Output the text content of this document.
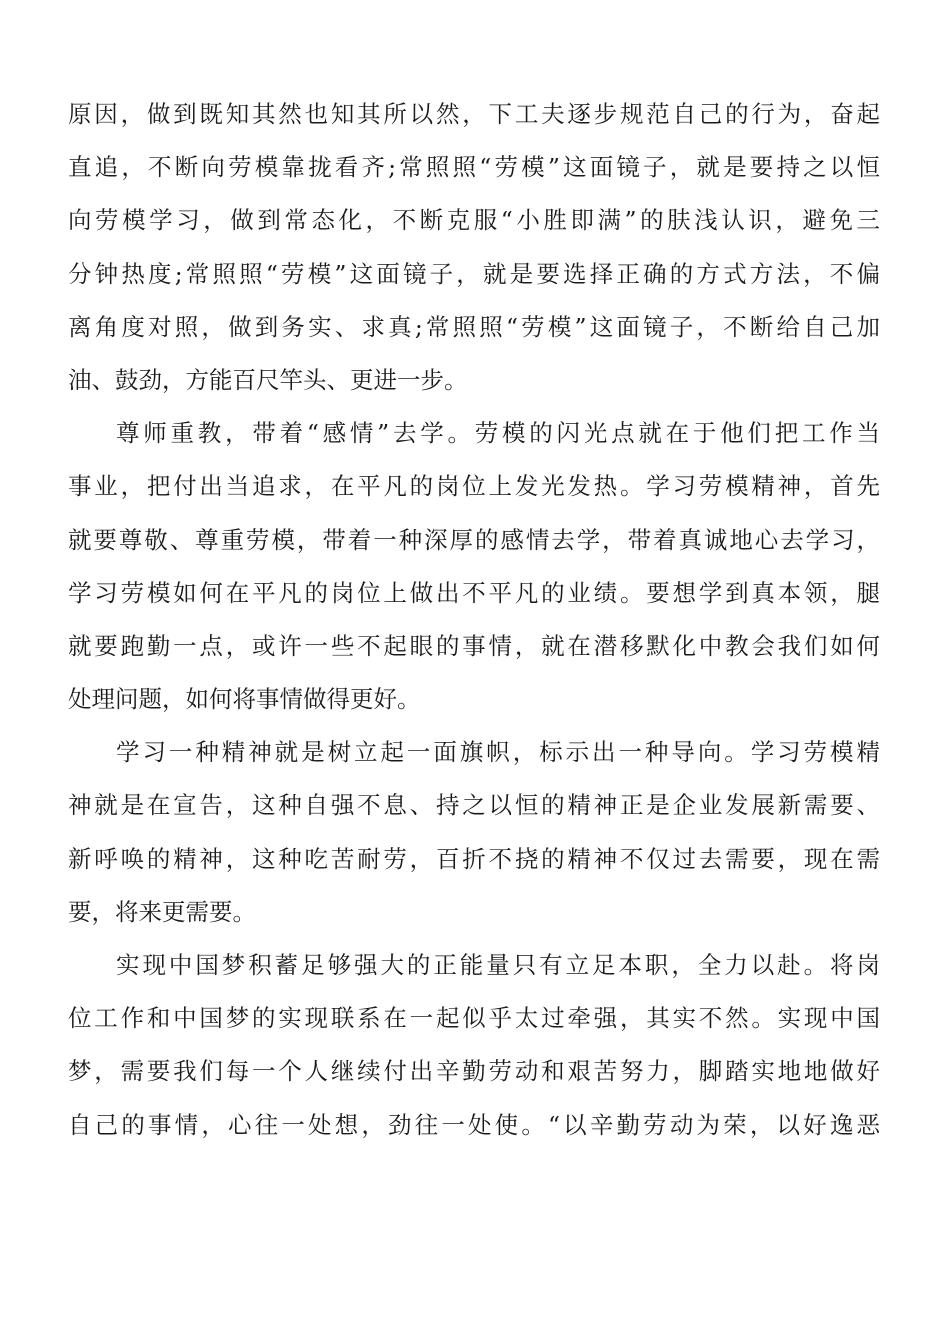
原因，做到既知其然也知其所以然，下工夫逐步规范自己的行为，奋起
直追，不断向劳模靠拢看齐;常照照“劳模”这面镜子，就是要持之以恒
向劳模学习，做到常态化，不断克服“小胜即满”的肤浅认识，避免三
分钟热度;常照照“劳模”这面镜子，就是要选择正确的方式方法，不偏
离角度对照，做到务实、求真;常照照“劳模”这面镜子，不断给自己加
油、鼓劲，方能百尺竿头、更进一步。
尊师重教，带着“感情”去学。劳模的闪光点就在于他们把工作当
事业，把付出当追求，在平凡的岗位上发光发热。学习劳模精神，首先
就要尊敬、尊重劳模，带着一种深厚的感情去学，带着真诚地心去学习，
学习劳模如何在平凡的岗位上做出不平凡的业绩。要想学到真本领，腿
就要跑勤一点，或许一些不起眼的事情，就在潜移默化中教会我们如何
处理问题，如何将事情做得更好。
学习一种精神就是树立起一面旗帜，标示出一种导向。学习劳模精
神就是在宣告，这种自强不息、持之以恒的精神正是企业发展新需要、
新呼唤的精神，这种吃苦耐劳，百折不挠的精神不仅过去需要，现在需
要，将来更需要。
实现中国梦积蓄足够强大的正能量只有立足本职，全力以赴。将岗
位工作和中国梦的实现联系在一起似乎太过牵强，其实不然。实现中国
梦，需要我们每一个人继续付出辛勤劳动和艰苦努力，脚踏实地地做好
自己的事情，心往一处想，劲往一处使。“以辛勤劳动为荣，以好逸恶
